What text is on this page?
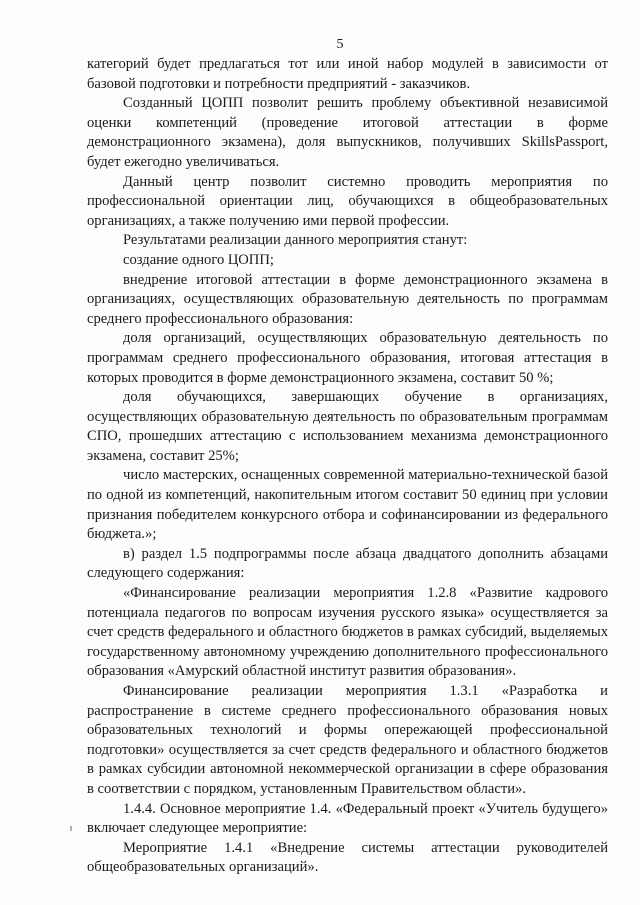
5

категорий будет предлагаться тот или иной набор модулей в зависимости от базовой подготовки и потребности предприятий - заказчиков.

Созданный ЦОПП позволит решить проблему объективной независимой оценки компетенций (проведение итоговой аттестации в форме демонстрационного экзамена), доля выпускников, получивших SkillsPassport, будет ежегодно увеличиваться.

Данный центр позволит системно проводить мероприятия по профессиональной ориентации лиц, обучающихся в общеобразовательных организациях, а также получению ими первой профессии.

Результатами реализации данного мероприятия станут:

создание одного ЦОПП;

внедрение итоговой аттестации в форме демонстрационного экзамена в организациях, осуществляющих образовательную деятельность по программам среднего профессионального образования:

доля организаций, осуществляющих образовательную деятельность по программам среднего профессионального образования, итоговая аттестация в которых проводится в форме демонстрационного экзамена, составит 50 %;

доля обучающихся, завершающих обучение в организациях, осуществляющих образовательную деятельность по образовательным программам СПО, прошедших аттестацию с использованием механизма демонстрационного экзамена, составит 25%;

число мастерских, оснащенных современной материально-технической базой по одной из компетенций, накопительным итогом составит 50 единиц при условии признания победителем конкурсного отбора и софинансировании из федерального бюджета.»;

в) раздел 1.5 подпрограммы после абзаца двадцатого дополнить абзацами следующего содержания:

«Финансирование реализации мероприятия 1.2.8 «Развитие кадрового потенциала педагогов по вопросам изучения русского языка» осуществляется за счет средств федерального и областного бюджетов в рамках субсидий, выделяемых государственному автономному учреждению дополнительного профессионального образования «Амурский областной институт развития образования».

Финансирование реализации мероприятия 1.3.1 «Разработка и распространение в системе среднего профессионального образования новых образовательных технологий и формы опережающей профессиональной подготовки» осуществляется за счет средств федерального и областного бюджетов в рамках субсидии автономной некоммерческой организации в сфере образования в соответствии с порядком, установленным Правительством области».

1.4.4. Основное мероприятие 1.4. «Федеральный проект «Учитель будущего» включает следующее мероприятие:

Мероприятие 1.4.1 «Внедрение системы аттестации руководителей общеобразовательных организаций».
